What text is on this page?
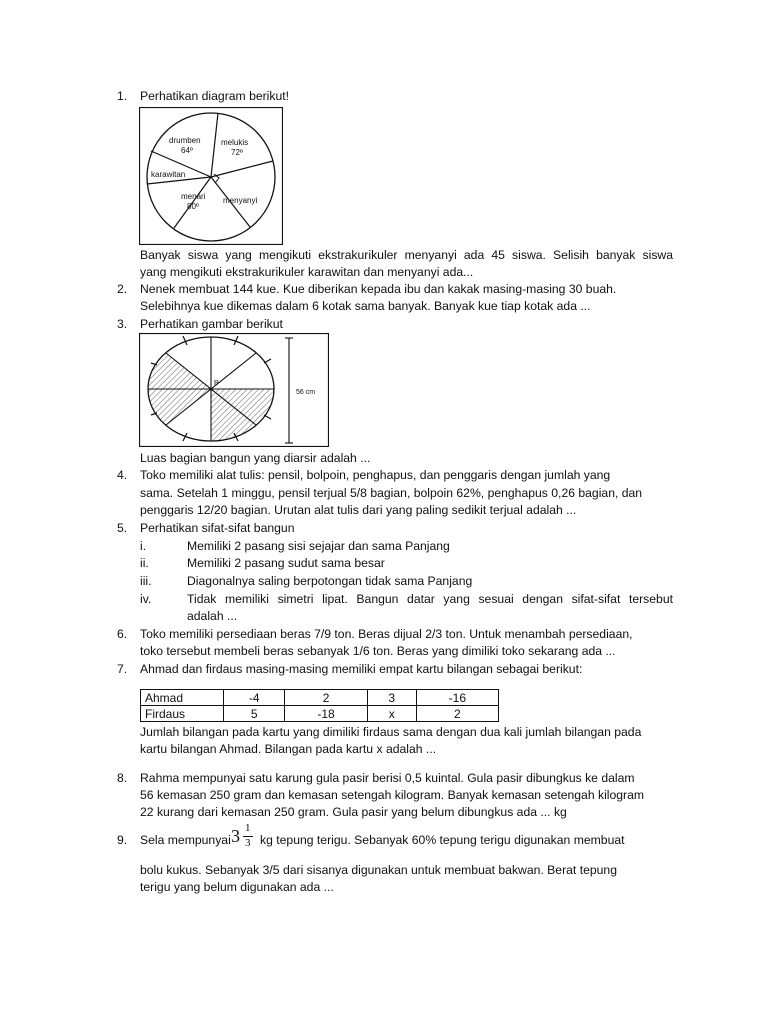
1. Perhatikan diagram berikut!
drumben
64º
melukis
72º
karawitan
menari
80º
menyanyi
Banyak siswa yang mengikuti ekstrakurikuler menyanyi ada 45 siswa. Selisih banyak siswa
yang mengikuti ekstrakurikuler karawitan dan menyanyi ada...
2. Nenek membuat 144 kue. Kue diberikan kepada ibu dan kakak masing-masing 30 buah.
Selebihnya kue dikemas dalam 6 kotak sama banyak. Banyak kue tiap kotak ada ...
3. Perhatikan gambar berikut
P
56 cm
Luas bagian bangun yang diarsir adalah ...
4. Toko memiliki alat tulis: pensil, bolpoin, penghapus, dan penggaris dengan jumlah yang
sama. Setelah 1 minggu, pensil terjual 5/8 bagian, bolpoin 62%, penghapus 0,26 bagian, dan
penggaris 12/20 bagian. Urutan alat tulis dari yang paling sedikit terjual adalah ...
5. Perhatikan sifat-sifat bangun
i.	Memiliki 2 pasang sisi sejajar dan sama Panjang
ii.	Memiliki 2 pasang sudut sama besar
iii.	Diagonalnya saling berpotongan tidak sama Panjang
iv.	Tidak memiliki simetri lipat. Bangun datar yang sesuai dengan sifat-sifat tersebut
adalah ...
6. Toko memiliki persediaan beras 7/9 ton. Beras dijual 2/3 ton. Untuk menambah persediaan,
toko tersebut membeli beras sebanyak 1/6 ton. Beras yang dimiliki toko sekarang ada ...
7. Ahmad dan firdaus masing-masing memiliki empat kartu bilangan sebagai berikut:
Ahmad	-4	2	3	-16
Firdaus	5	-18	x	2
Jumlah bilangan pada kartu yang dimiliki firdaus sama dengan dua kali jumlah bilangan pada
kartu bilangan Ahmad. Bilangan pada kartu x adalah ...
8. Rahma mempunyai satu karung gula pasir berisi 0,5 kuintal. Gula pasir dibungkus ke dalam
56 kemasan 250 gram dan kemasan setengah kilogram. Banyak kemasan setengah kilogram
22 kurang dari kemasan 250 gram. Gula pasir yang belum dibungkus ada ... kg
9. Sela mempunyai 3 1
3 kg tepung terigu. Sebanyak 60% tepung terigu digunakan membuat
bolu kukus. Sebanyak 3/5 dari sisanya digunakan untuk membuat bakwan. Berat tepung
terigu yang belum digunakan ada ...
